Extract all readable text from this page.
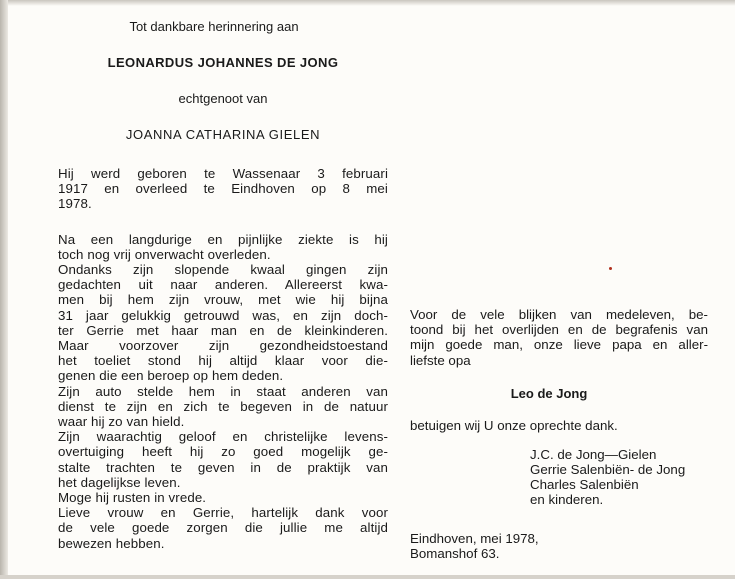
Tot dankbare herinnering aan
LEONARDUS JOHANNES DE JONG
echtgenoot van
JOANNA CATHARINA GIELEN
Hij werd geboren te Wassenaar 3 februari
1917 en overleed te Eindhoven op 8 mei
1978.
Na een langdurige en pijnlijke ziekte is hij
toch nog vrij onverwacht overleden.
Ondanks zijn slopende kwaal gingen zijn
gedachten uit naar anderen. Allereerst kwa-
men bij hem zijn vrouw, met wie hij bijna
31 jaar gelukkig getrouwd was, en zijn doch-
ter Gerrie met haar man en de kleinkinderen.
Maar voorzover zijn gezondheidstoestand
het toeliet stond hij altijd klaar voor die-
genen die een beroep op hem deden.
Zijn auto stelde hem in staat anderen van
dienst te zijn en zich te begeven in de natuur
waar hij zo van hield.
Zijn waarachtig geloof en christelijke levens-
overtuiging heeft hij zo goed mogelijk ge-
stalte trachten te geven in de praktijk van
het dagelijkse leven.
Moge hij rusten in vrede.
Lieve vrouw en Gerrie, hartelijk dank voor
de vele goede zorgen die jullie me altijd
bewezen hebben.
Voor de vele blijken van medeleven, be-
toond bij het overlijden en de begrafenis van
mijn goede man, onze lieve papa en aller-
liefste opa
Leo de Jong
betuigen wij U onze oprechte dank.
J.C. de Jong—Gielen
Gerrie Salenbiën- de Jong
Charles Salenbiën
en kinderen.
Eindhoven, mei 1978,
Bomanshof 63.
